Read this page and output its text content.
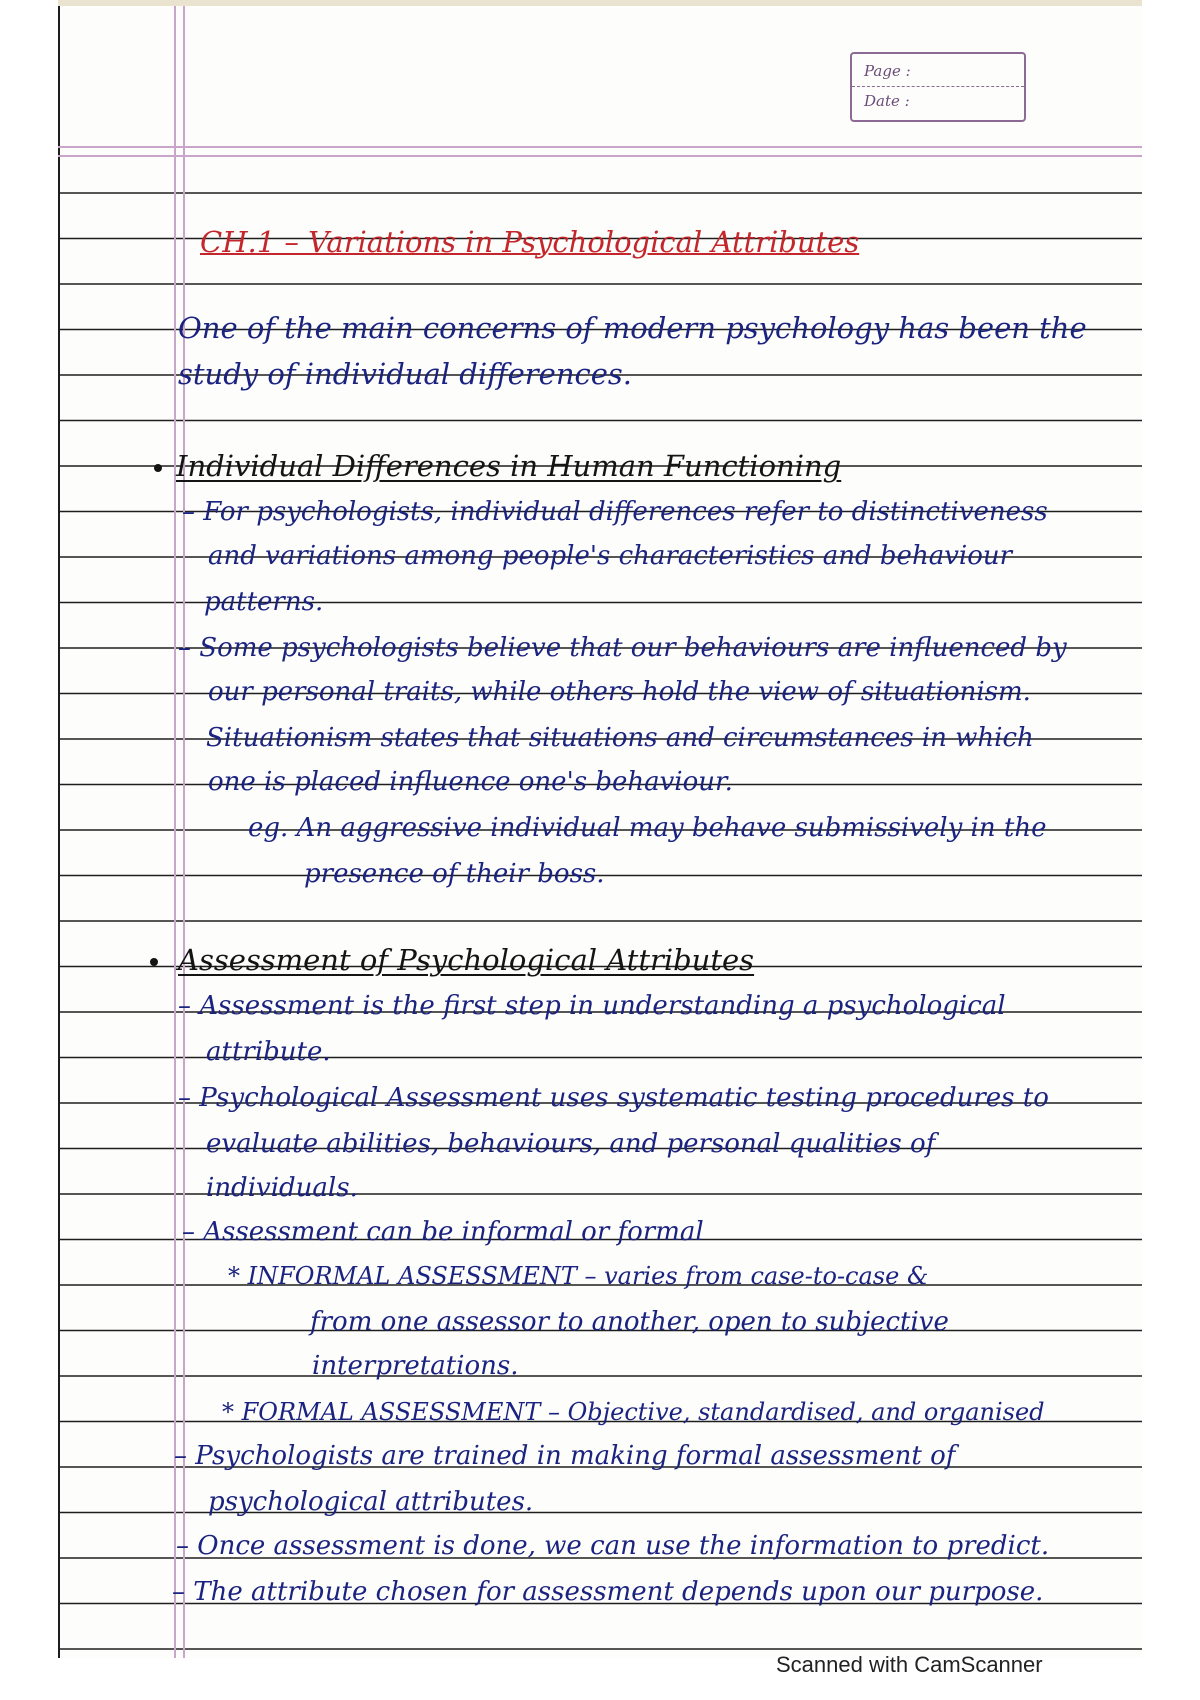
Page :
Date :
CH.1 – Variations in Psychological Attributes
One of the main concerns of modern psychology has been the
study of individual differences.
Individual Differences in Human Functioning
– For psychologists, individual differences refer to distinctiveness
and variations among people's characteristics and behaviour
patterns.
– Some psychologists believe that our behaviours are influenced by
our personal traits, while others hold the view of situationism.
Situationism states that situations and circumstances in which
one is placed influence one's behaviour.
eg. An aggressive individual may behave submissively in the
presence of their boss.
Assessment of Psychological Attributes
– Assessment is the first step in understanding a psychological
attribute.
– Psychological Assessment uses systematic testing procedures to
evaluate abilities, behaviours, and personal qualities of
individuals.
– Assessment can be informal or formal
* INFORMAL ASSESSMENT – varies from case-to-case &
from one assessor to another, open to subjective
interpretations.
* FORMAL ASSESSMENT – Objective, standardised, and organised
– Psychologists are trained in making formal assessment of
psychological attributes.
– Once assessment is done, we can use the information to predict.
– The attribute chosen for assessment depends upon our purpose.
Scanned with CamScanner
